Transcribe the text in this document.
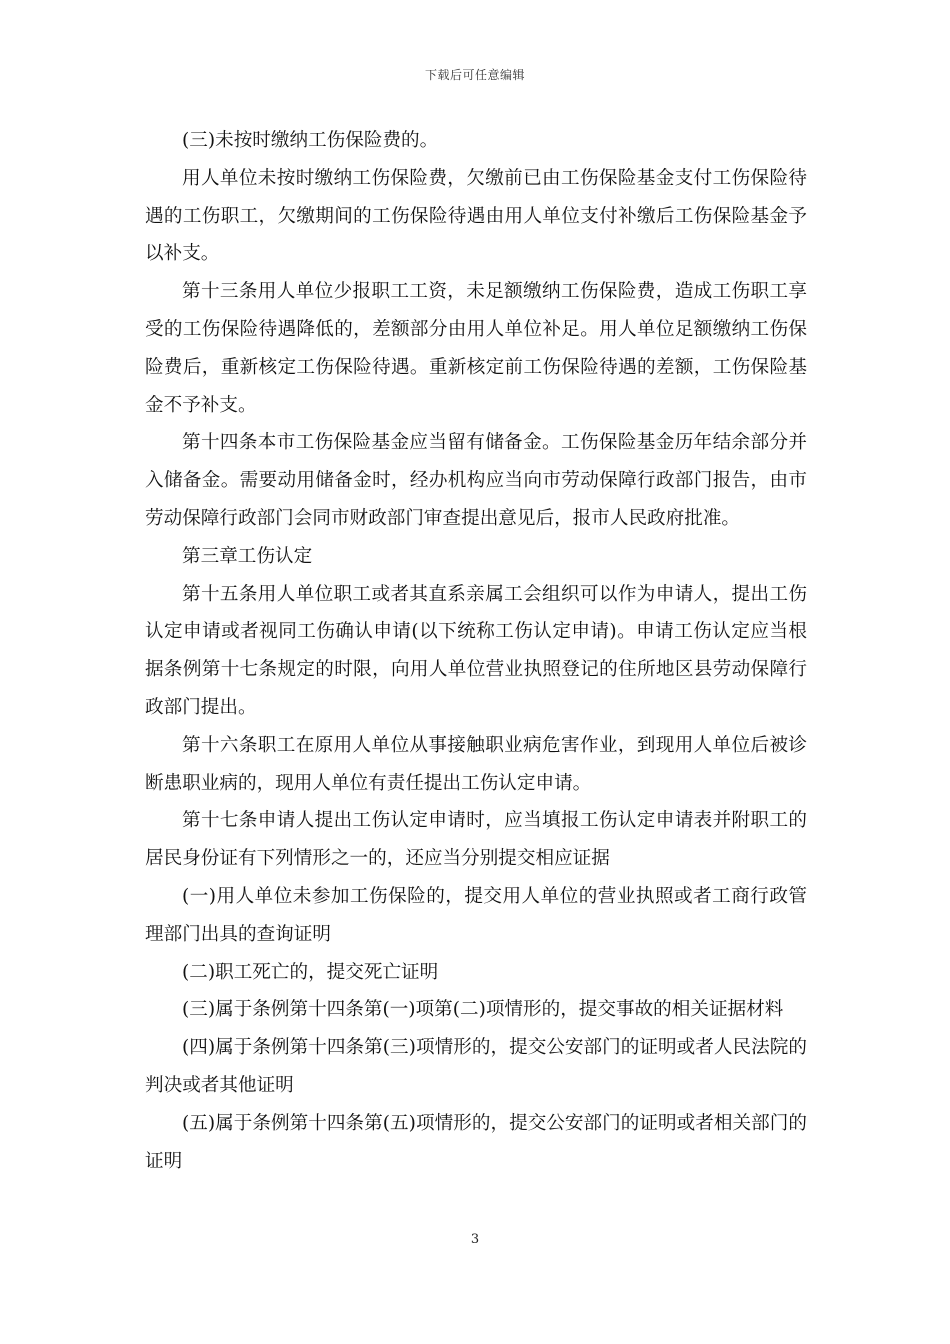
下载后可任意编辑

(三)未按时缴纳工伤保险费的。

用人单位未按时缴纳工伤保险费，欠缴前已由工伤保险基金支付工伤保险待遇的工伤职工，欠缴期间的工伤保险待遇由用人单位支付补缴后工伤保险基金予以补支。

第十三条用人单位少报职工工资，未足额缴纳工伤保险费，造成工伤职工享受的工伤保险待遇降低的，差额部分由用人单位补足。用人单位足额缴纳工伤保险费后，重新核定工伤保险待遇。重新核定前工伤保险待遇的差额，工伤保险基金不予补支。

第十四条本市工伤保险基金应当留有储备金。工伤保险基金历年结余部分并入储备金。需要动用储备金时，经办机构应当向市劳动保障行政部门报告，由市劳动保障行政部门会同市财政部门审查提出意见后，报市人民政府批准。

第三章工伤认定

第十五条用人单位职工或者其直系亲属工会组织可以作为申请人，提出工伤认定申请或者视同工伤确认申请(以下统称工伤认定申请)。申请工伤认定应当根据条例第十七条规定的时限，向用人单位营业执照登记的住所地区县劳动保障行政部门提出。

第十六条职工在原用人单位从事接触职业病危害作业，到现用人单位后被诊断患职业病的，现用人单位有责任提出工伤认定申请。

第十七条申请人提出工伤认定申请时，应当填报工伤认定申请表并附职工的居民身份证有下列情形之一的，还应当分别提交相应证据

(一)用人单位未参加工伤保险的，提交用人单位的营业执照或者工商行政管理部门出具的查询证明

(二)职工死亡的，提交死亡证明

(三)属于条例第十四条第(一)项第(二)项情形的，提交事故的相关证据材料

(四)属于条例第十四条第(三)项情形的，提交公安部门的证明或者人民法院的判决或者其他证明

(五)属于条例第十四条第(五)项情形的，提交公安部门的证明或者相关部门的证明

3
